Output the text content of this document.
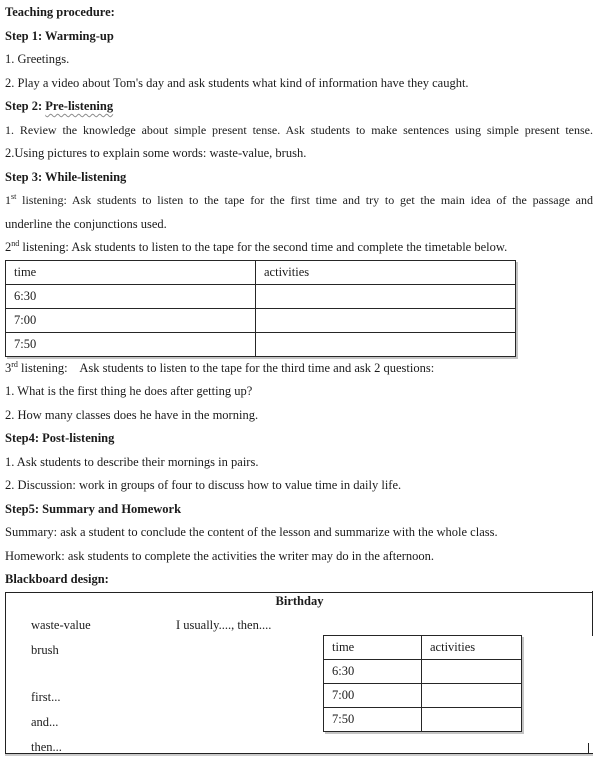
Teaching procedure:

Step 1: Warming-up

1. Greetings.

2. Play a video about Tom's day and ask students what kind of information have they caught.

Step 2: Pre-listening

1. Review the knowledge about simple present tense. Ask students to make sentences using simple present tense.

2.Using pictures to explain some words: waste-value, brush.

Step 3: While-listening

1st listening: Ask students to listen to the tape for the first time and try to get the main idea of the passage and

underline the conjunctions used.

2nd listening: Ask students to listen to the tape for the second time and complete the timetable below.

time	activities
6:30	
7:00	
7:50	

3rd listening:    Ask students to listen to the tape for the third time and ask 2 questions:

1. What is the first thing he does after getting up?

2. How many classes does he have in the morning.

Step4: Post-listening

1. Ask students to describe their mornings in pairs.

2. Discussion: work in groups of four to discuss how to value time in daily life.

Step5: Summary and Homework

Summary: ask a student to conclude the content of the lesson and summarize with the whole class.

Homework: ask students to complete the activities the writer may do in the afternoon.

Blackboard design:

Birthday
waste-value	I usually...., then....
brush
first...
and...
then...
time	activities
6:30	
7:00	
7:50	
